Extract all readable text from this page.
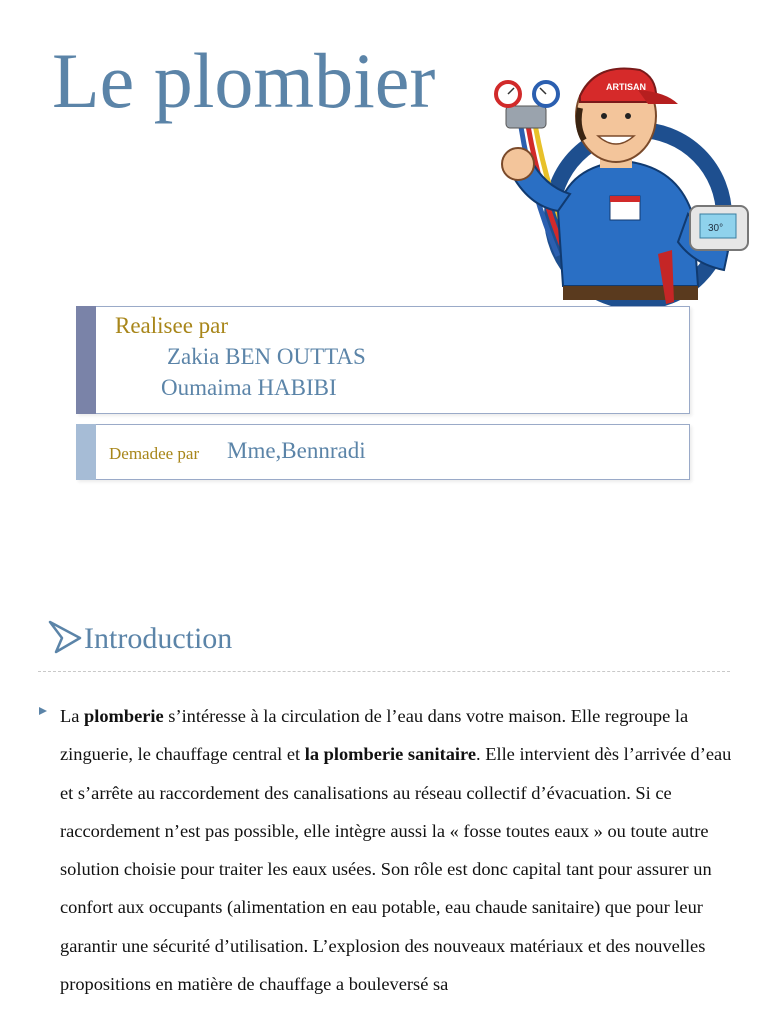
Le plombier	ARTISAN
30°
Realisee par
Zakia BEN OUTTAS
Oumaima HABIBI
Demadee par Mme,Bennradi
Introduction

La plomberie s’intéresse à la circulation de l’eau dans votre maison. Elle regroupe la zinguerie, le chauffage central et la plomberie sanitaire. Elle intervient dès l’arrivée d’eau et s’arrête au raccordement des canalisations au réseau collectif d’évacuation. Si ce raccordement n’est pas possible, elle intègre aussi la « fosse toutes eaux » ou toute autre solution choisie pour traiter les eaux usées. Son rôle est donc capital tant pour assurer un confort aux occupants (alimentation en eau potable, eau chaude sanitaire) que pour leur garantir une sécurité d’utilisation. L’explosion des nouveaux matériaux et des nouvelles propositions en matière de chauffage a bouleversé sa
